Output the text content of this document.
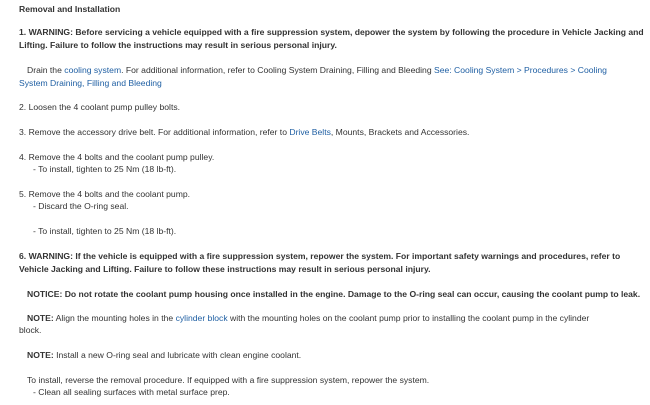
Removal and Installation
1. WARNING: Before servicing a vehicle equipped with a fire suppression system, depower the system by following the procedure in Vehicle Jacking and
Lifting. Failure to follow the instructions may result in serious personal injury.
Drain the cooling system. For additional information, refer to Cooling System Draining, Filling and Bleeding See: Cooling System > Procedures > Cooling
System Draining, Filling and Bleeding
2. Loosen the 4 coolant pump pulley bolts.
3. Remove the accessory drive belt. For additional information, refer to Drive Belts, Mounts, Brackets and Accessories.
4. Remove the 4 bolts and the coolant pump pulley.
- To install, tighten to 25 Nm (18 lb-ft).
5. Remove the 4 bolts and the coolant pump.
- Discard the O-ring seal.
- To install, tighten to 25 Nm (18 lb-ft).
6. WARNING: If the vehicle is equipped with a fire suppression system, repower the system. For important safety warnings and procedures, refer to
Vehicle Jacking and Lifting. Failure to follow these instructions may result in serious personal injury.
NOTICE: Do not rotate the coolant pump housing once installed in the engine. Damage to the O-ring seal can occur, causing the coolant pump to leak.
NOTE: Align the mounting holes in the cylinder block with the mounting holes on the coolant pump prior to installing the coolant pump in the cylinder
block.
NOTE: Install a new O-ring seal and lubricate with clean engine coolant.
To install, reverse the removal procedure. If equipped with a fire suppression system, repower the system.
- Clean all sealing surfaces with metal surface prep.
